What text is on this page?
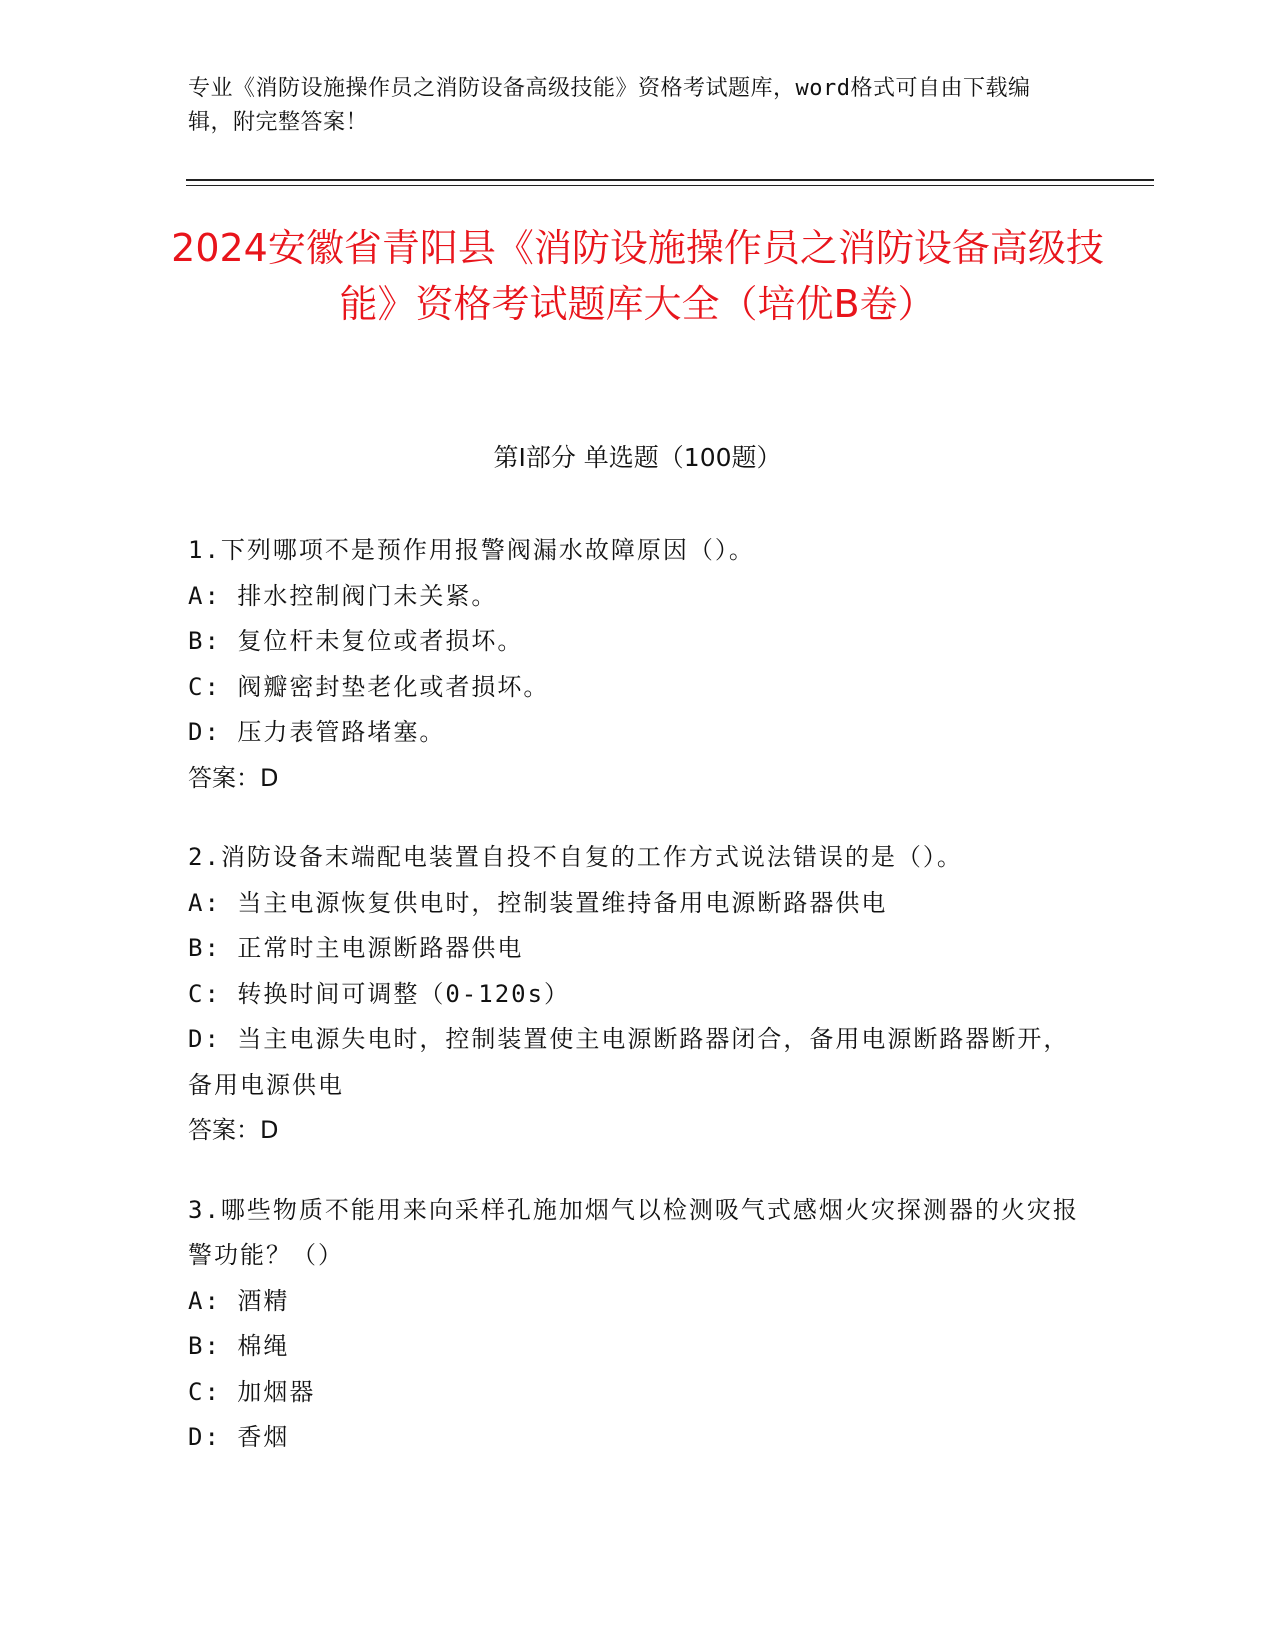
专业《消防设施操作员之消防设备高级技能》资格考试题库，word格式可自由下载编辑，附完整答案！
2024安徽省青阳县《消防设施操作员之消防设备高级技能》资格考试题库大全（培优B卷）
第I部分 单选题（100题）
1.下列哪项不是预作用报警阀漏水故障原因（）。
A: 排水控制阀门未关紧。
B: 复位杆未复位或者损坏。
C: 阀瓣密封垫老化或者损坏。
D: 压力表管路堵塞。
答案：D
2.消防设备末端配电装置自投不自复的工作方式说法错误的是（）。
A: 当主电源恢复供电时，控制装置维持备用电源断路器供电
B: 正常时主电源断路器供电
C: 转换时间可调整（0-120s）
D: 当主电源失电时，控制装置使主电源断路器闭合，备用电源断路器断开，备用电源供电
答案：D
3.哪些物质不能用来向采样孔施加烟气以检测吸气式感烟火灾探测器的火灾报警功能？（）
A: 酒精
B: 棉绳
C: 加烟器
D: 香烟
